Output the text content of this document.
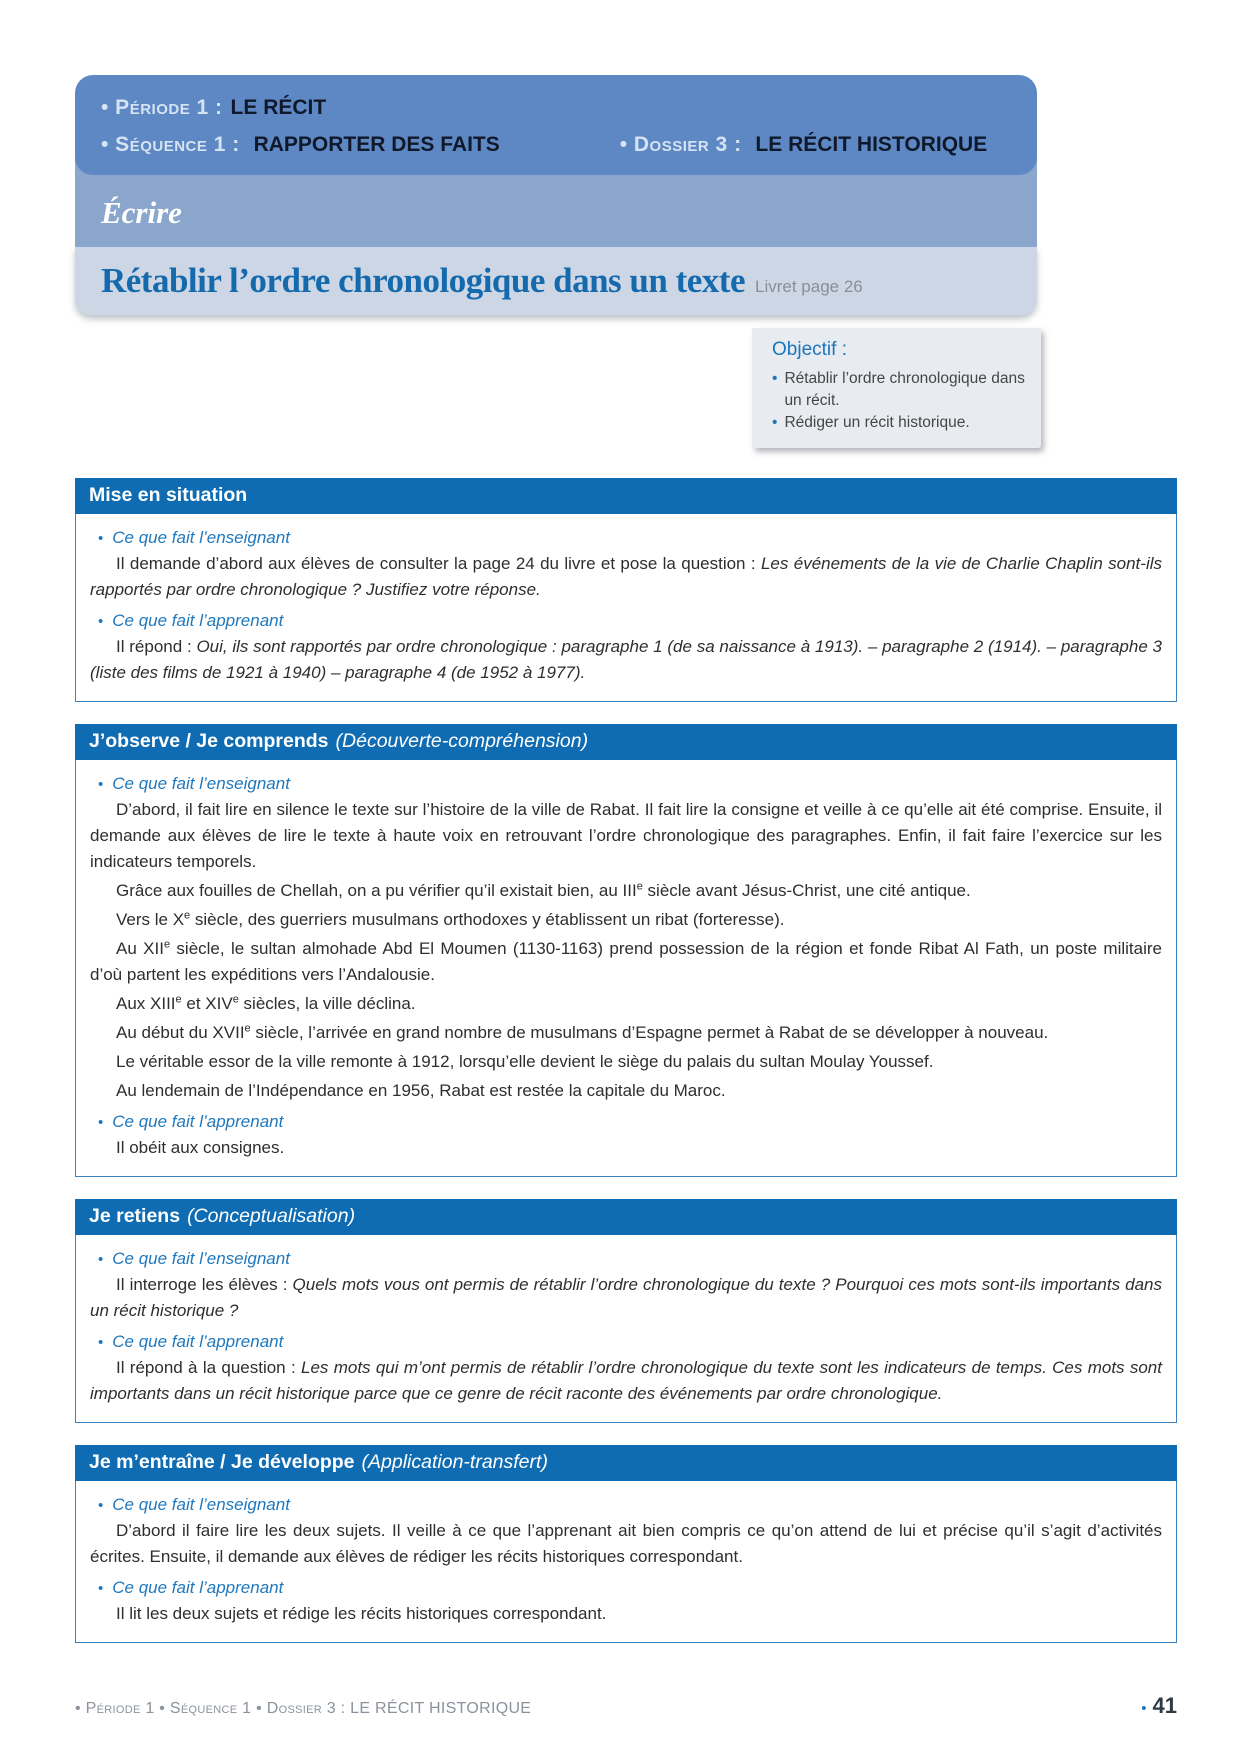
• Période 1 : LE RÉCIT
• Séquence 1 : RAPPORTER DES FAITS	• Dossier 3 : LE RÉCIT HISTORIQUE
Écrire
Rétablir l’ordre chronologique dans un texte Livret page 26
Objectif :
• Rétablir l’ordre chronologique dans un récit.
• Rédiger un récit historique.
Mise en situation
• Ce que fait l’enseignant

Il demande d’abord aux élèves de consulter la page 24 du livre et pose la question : Les événements de la vie de Charlie Chaplin sont-ils rapportés par ordre chronologique ? Justifiez votre réponse.

• Ce que fait l’apprenant

Il répond : Oui, ils sont rapportés par ordre chronologique : paragraphe 1 (de sa naissance à 1913). – paragraphe 2 (1914). – paragraphe 3 (liste des films de 1921 à 1940) – paragraphe 4 (de 1952 à 1977).

J’observe / Je comprends (Découverte-compréhension)
• Ce que fait l’enseignant

D’abord, il fait lire en silence le texte sur l’histoire de la ville de Rabat. Il fait lire la consigne et veille à ce qu’elle ait été comprise. Ensuite, il demande aux élèves de lire le texte à haute voix en retrouvant l’ordre chronologique des paragraphes. Enfin, il fait faire l’exercice sur les indicateurs temporels.

Grâce aux fouilles de Chellah, on a pu vérifier qu’il existait bien, au IIIe siècle avant Jésus-Christ, une cité antique.

Vers le Xe siècle, des guerriers musulmans orthodoxes y établissent un ribat (forteresse).

Au XIIe siècle, le sultan almohade Abd El Moumen (1130-1163) prend possession de la région et fonde Ribat Al Fath, un poste militaire d’où partent les expéditions vers l’Andalousie.

Aux XIIIe et XIVe siècles, la ville déclina.

Au début du XVIIe siècle, l’arrivée en grand nombre de musulmans d’Espagne permet à Rabat de se développer à nouveau.

Le véritable essor de la ville remonte à 1912, lorsqu’elle devient le siège du palais du sultan Moulay Youssef.

Au lendemain de l’Indépendance en 1956, Rabat est restée la capitale du Maroc.

• Ce que fait l’apprenant

Il obéit aux consignes.

Je retiens (Conceptualisation)
• Ce que fait l’enseignant

Il interroge les élèves : Quels mots vous ont permis de rétablir l’ordre chronologique du texte ? Pourquoi ces mots sont-ils importants dans un récit historique ?

• Ce que fait l’apprenant

Il répond à la question : Les mots qui m’ont permis de rétablir l’ordre chronologique du texte sont les indicateurs de temps. Ces mots sont importants dans un récit historique parce que ce genre de récit raconte des événements par ordre chronologique.

Je m’entraîne / Je développe (Application-transfert)
• Ce que fait l’enseignant

D’abord il faire lire les deux sujets. Il veille à ce que l’apprenant ait bien compris ce qu’on attend de lui et précise qu’il s’agit d’activités écrites. Ensuite, il demande aux élèves de rédiger les récits historiques correspondant.

• Ce que fait l’apprenant

Il lit les deux sujets et rédige les récits historiques correspondant.

• Période 1 • Séquence 1 • Dossier 3 : LE RÉCIT HISTORIQUE	• 41
